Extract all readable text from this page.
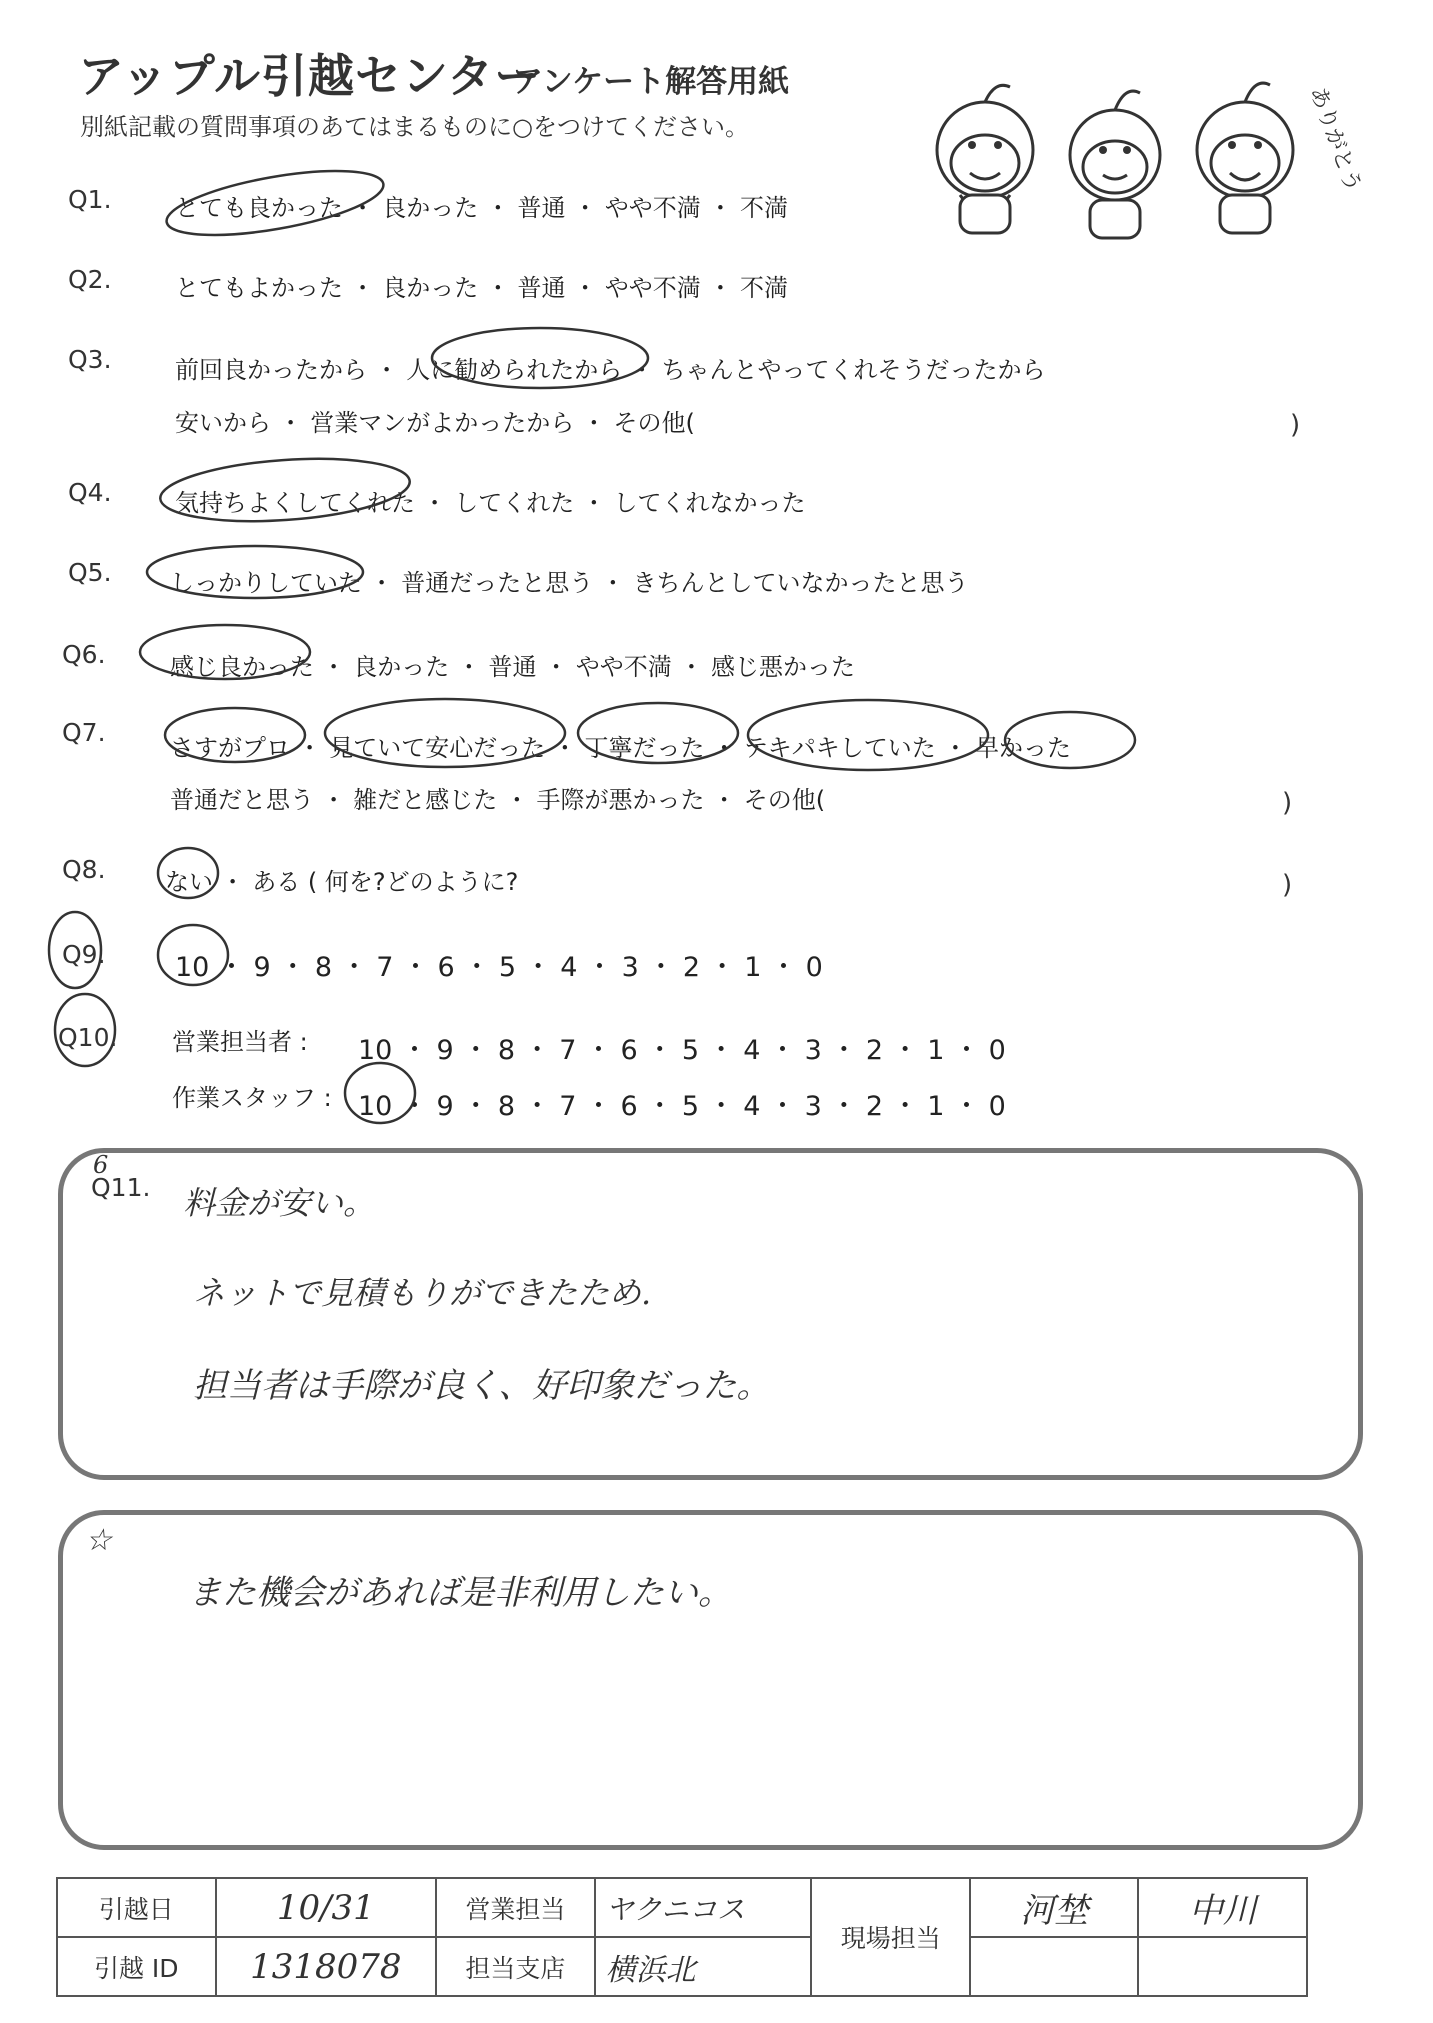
アップル引越センター
アンケート解答用紙
別紙記載の質問事項のあてはまるものに○をつけてください。	ありがとう
Q1.	とても良かった ・ 良かった ・ 普通 ・ やや不満 ・ 不満
Q2.	とてもよかった ・ 良かった ・ 普通 ・ やや不満 ・ 不満
Q3.	前回良かったから ・ 人に勧められたから ・ ちゃんとやってくれそうだったから
安いから ・ 営業マンがよかったから ・ その他(	)
Q4.	気持ちよくしてくれた ・ してくれた ・ してくれなかった
Q5. しっかりしていた ・ 普通だったと思う ・ きちんとしていなかったと思う
Q6.	感じ良かった ・ 良かった ・ 普通 ・ やや不満 ・ 感じ悪かった
Q7.
さすがプロ ・ 見ていて安心だった ・ 丁寧だった ・ テキパキしていた ・ 早かった
普通だと思う ・ 雑だと感じた ・ 手際が悪かった ・ その他(	)
Q8. ない ・ ある ( 何を?どのように?	)
Q9.	10 ・ 9 ・ 8 ・ 7 ・ 6 ・ 5 ・ 4 ・ 3 ・ 2 ・ 1 ・ 0
Q10. 営業担当者 : 10 ・ 9 ・ 8 ・ 7 ・ 6 ・ 5 ・ 4 ・ 3 ・ 2 ・ 1 ・ 0
作業スタッフ : 10 ・ 9 ・ 8 ・ 7 ・ 6 ・ 5 ・ 4 ・ 3 ・ 2 ・ 1 ・ 0
Q11.
6
料金が安い。
ネットで見積もりができたため.
担当者は手際が良く、好印象だった。
☆
また機会があれば是非利用したい。
引越日	10/31	営業担当	ヤクニコス	現場担当	河埜	中川
引越 ID	1318078	担当支店	横浜北			
